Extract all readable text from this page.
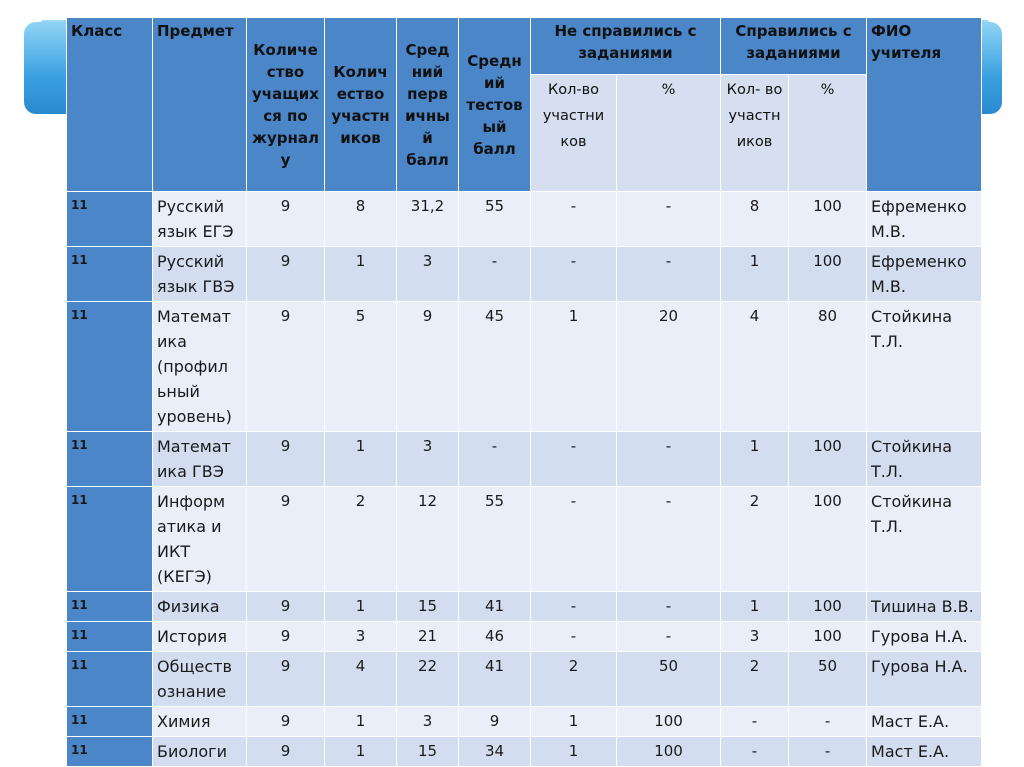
Класс	Предмет	Количе ство учащих ся по журнал у	Колич ество участн иков	Сред ний перв ичны й балл	Средн ий тестов ый балл	Не справились с заданиями		Справились с заданиями		ФИО учителя
						Кол-во участни ков	%	Кол- во участн иков	%	
11	Русский язык ЕГЭ	9	8	31,2	55	-	-	8	100	Ефременко М.В.
11	Русский язык ГВЭ	9	1	3	-	-	-	1	100	Ефременко М.В.
11	Математ ика (профил ьный уровень)	9	5	9	45	1	20	4	80	Стойкина Т.Л.
11	Математ ика ГВЭ	9	1	3	-	-	-	1	100	Стойкина Т.Л.
11	Информ атика и ИКТ (КЕГЭ)	9	2	12	55	-	-	2	100	Стойкина Т.Л.
11	Физика	9	1	15	41	-	-	1	100	Тишина В.В.
11	История	9	3	21	46	-	-	3	100	Гурова Н.А.
11	Обществ ознание	9	4	22	41	2	50	2	50	Гурова Н.А.
11	Химия	9	1	3	9	1	100	-	-	Маст Е.А.
11	Биологи	9	1	15	34	1	100	-	-	Маст Е.А.
